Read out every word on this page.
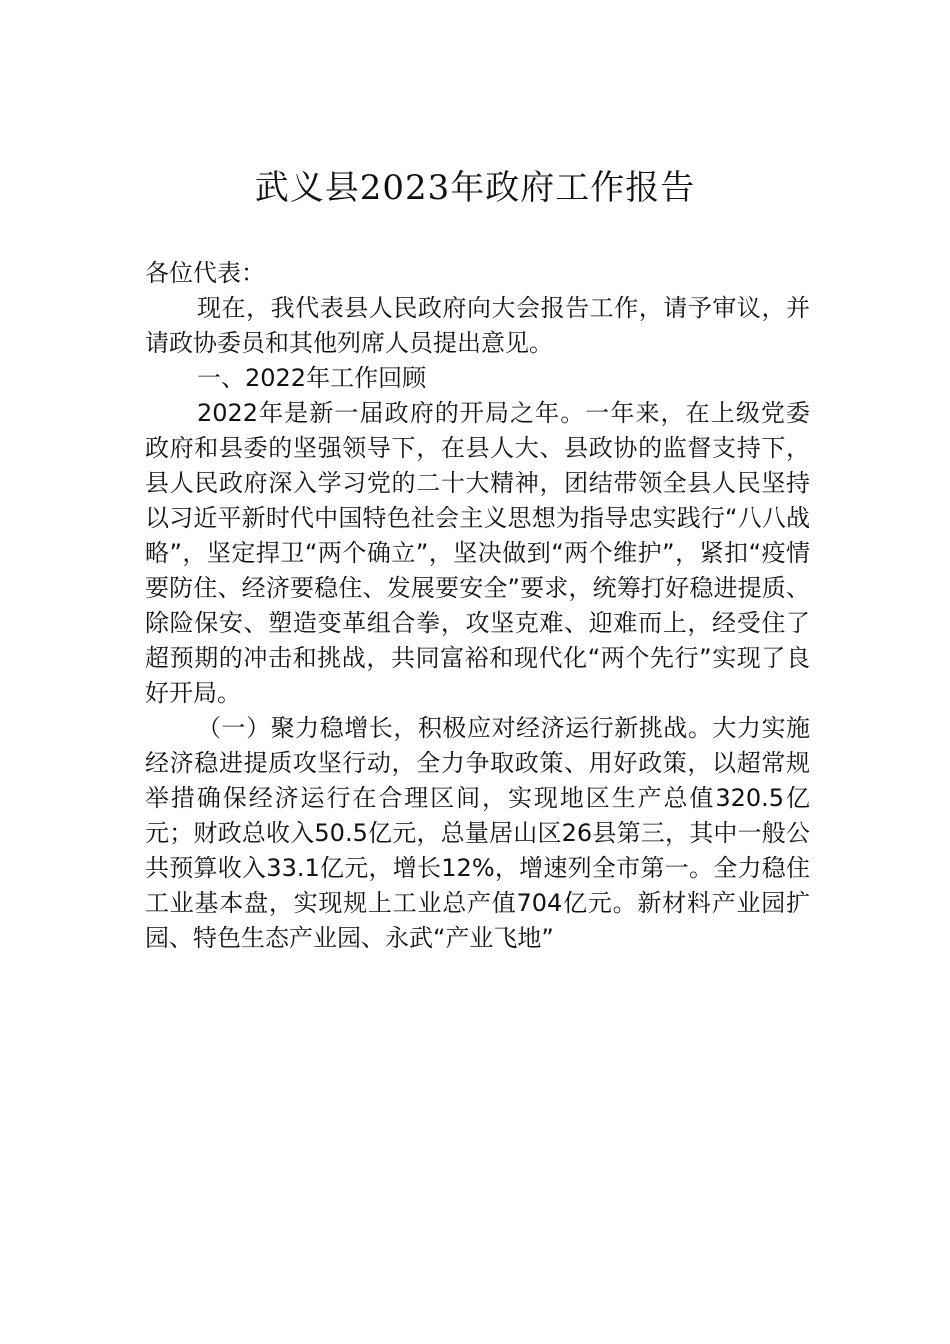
武义县2023年政府工作报告

各位代表：

现在，我代表县人民政府向大会报告工作，请予审议，并请政协委员和其他列席人员提出意见。

一、2022年工作回顾

2022年是新一届政府的开局之年。一年来，在上级党委政府和县委的坚强领导下，在县人大、县政协的监督支持下，县人民政府深入学习党的二十大精神，团结带领全县人民坚持以习近平新时代中国特色社会主义思想为指导忠实践行“八八战略”，坚定捍卫“两个确立”，坚决做到“两个维护”，紧扣“疫情要防住、经济要稳住、发展要安全”要求，统筹打好稳进提质、除险保安、塑造变革组合拳，攻坚克难、迎难而上，经受住了超预期的冲击和挑战，共同富裕和现代化“两个先行”实现了良好开局。

（一）聚力稳增长，积极应对经济运行新挑战。大力实施经济稳进提质攻坚行动，全力争取政策、用好政策，以超常规举措确保经济运行在合理区间，实现地区生产总值320.5亿元；财政总收入50.5亿元，总量居山区26县第三，其中一般公共预算收入33.1亿元，增长12%，增速列全市第一。全力稳住工业基本盘，实现规上工业总产值704亿元。新材料产业园扩园、特色生态产业园、永武“产业飞地”
